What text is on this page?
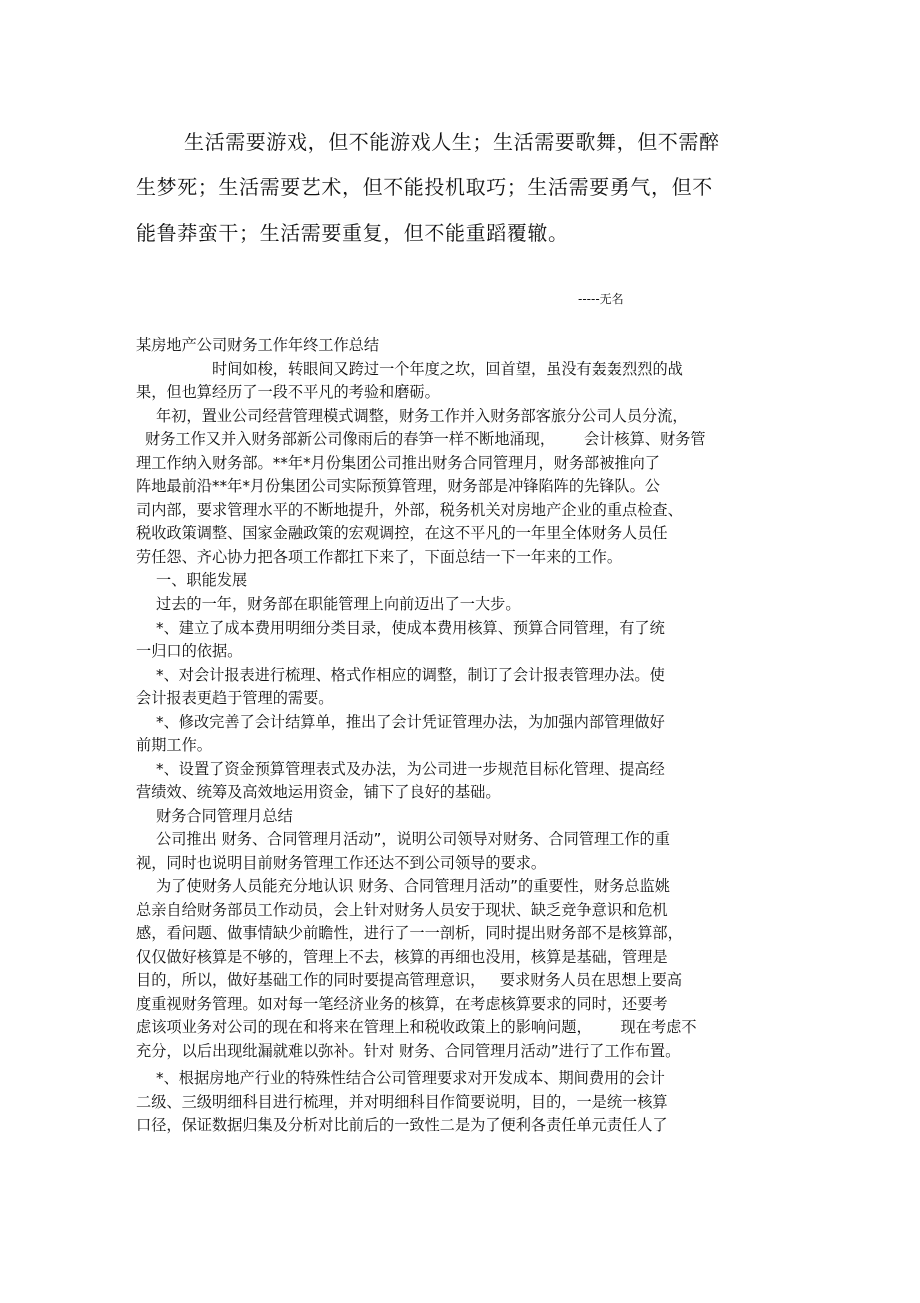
生活需要游戏，但不能游戏人生；生活需要歌舞，但不需醉
生梦死；生活需要艺术，但不能投机取巧；生活需要勇气，但不
能鲁莽蛮干；生活需要重复，但不能重蹈覆辙。
-----无名
某房地产公司财务工作年终工作总结
时间如梭，转眼间又跨过一个年度之坎，回首望，虽没有轰轰烈烈的战
果，但也算经历了一段不平凡的考验和磨砺。
年初，置业公司经营管理模式调整，财务工作并入财务部客旅分公司人员分流，
财务工作又并入财务部新公司像雨后的春笋一样不断地涌现，      会计核算、财务管
理工作纳入财务部。**年*月份集团公司推出财务合同管理月，财务部被推向了
阵地最前沿**年*月份集团公司实际预算管理，财务部是冲锋陷阵的先锋队。公
司内部，要求管理水平的不断地提升，外部，税务机关对房地产企业的重点检查、
税收政策调整、国家金融政策的宏观调控，在这不平凡的一年里全体财务人员任
劳任怨、齐心协力把各项工作都扛下来了，下面总结一下一年来的工作。
一、职能发展
过去的一年，财务部在职能管理上向前迈出了一大步。
*、建立了成本费用明细分类目录，使成本费用核算、预算合同管理，有了统
一归口的依据。
*、对会计报表进行梳理、格式作相应的调整，制订了会计报表管理办法。使
会计报表更趋于管理的需要。
*、修改完善了会计结算单，推出了会计凭证管理办法，为加强内部管理做好
前期工作。
*、设置了资金预算管理表式及办法，为公司进一步规范目标化管理、提高经
营绩效、统筹及高效地运用资金，铺下了良好的基础。
财务合同管理月总结
公司推出 财务、合同管理月活动”，说明公司领导对财务、合同管理工作的重
视，同时也说明目前财务管理工作还达不到公司领导的要求。
为了使财务人员能充分地认识 财务、合同管理月活动”的重要性，财务总监姚
总亲自给财务部员工作动员，会上针对财务人员安于现状、缺乏竞争意识和危机
感，看问题、做事情缺少前瞻性，进行了一一剖析，同时提出财务部不是核算部，
仅仅做好核算是不够的，管理上不去，核算的再细也没用，核算是基础，管理是
目的，所以，做好基础工作的同时要提高管理意识，   要求财务人员在思想上要高
度重视财务管理。如对每一笔经济业务的核算，在考虑核算要求的同时，还要考
虑该项业务对公司的现在和将来在管理上和税收政策上的影响问题，      现在考虑不
充分，以后出现纰漏就难以弥补。针对 财务、合同管理月活动”进行了工作布置。
*、根据房地产行业的特殊性结合公司管理要求对开发成本、期间费用的会计
二级、三级明细科目进行梳理，并对明细科目作简要说明，目的，一是统一核算
口径，保证数据归集及分析对比前后的一致性二是为了便利各责任单元责任人了
